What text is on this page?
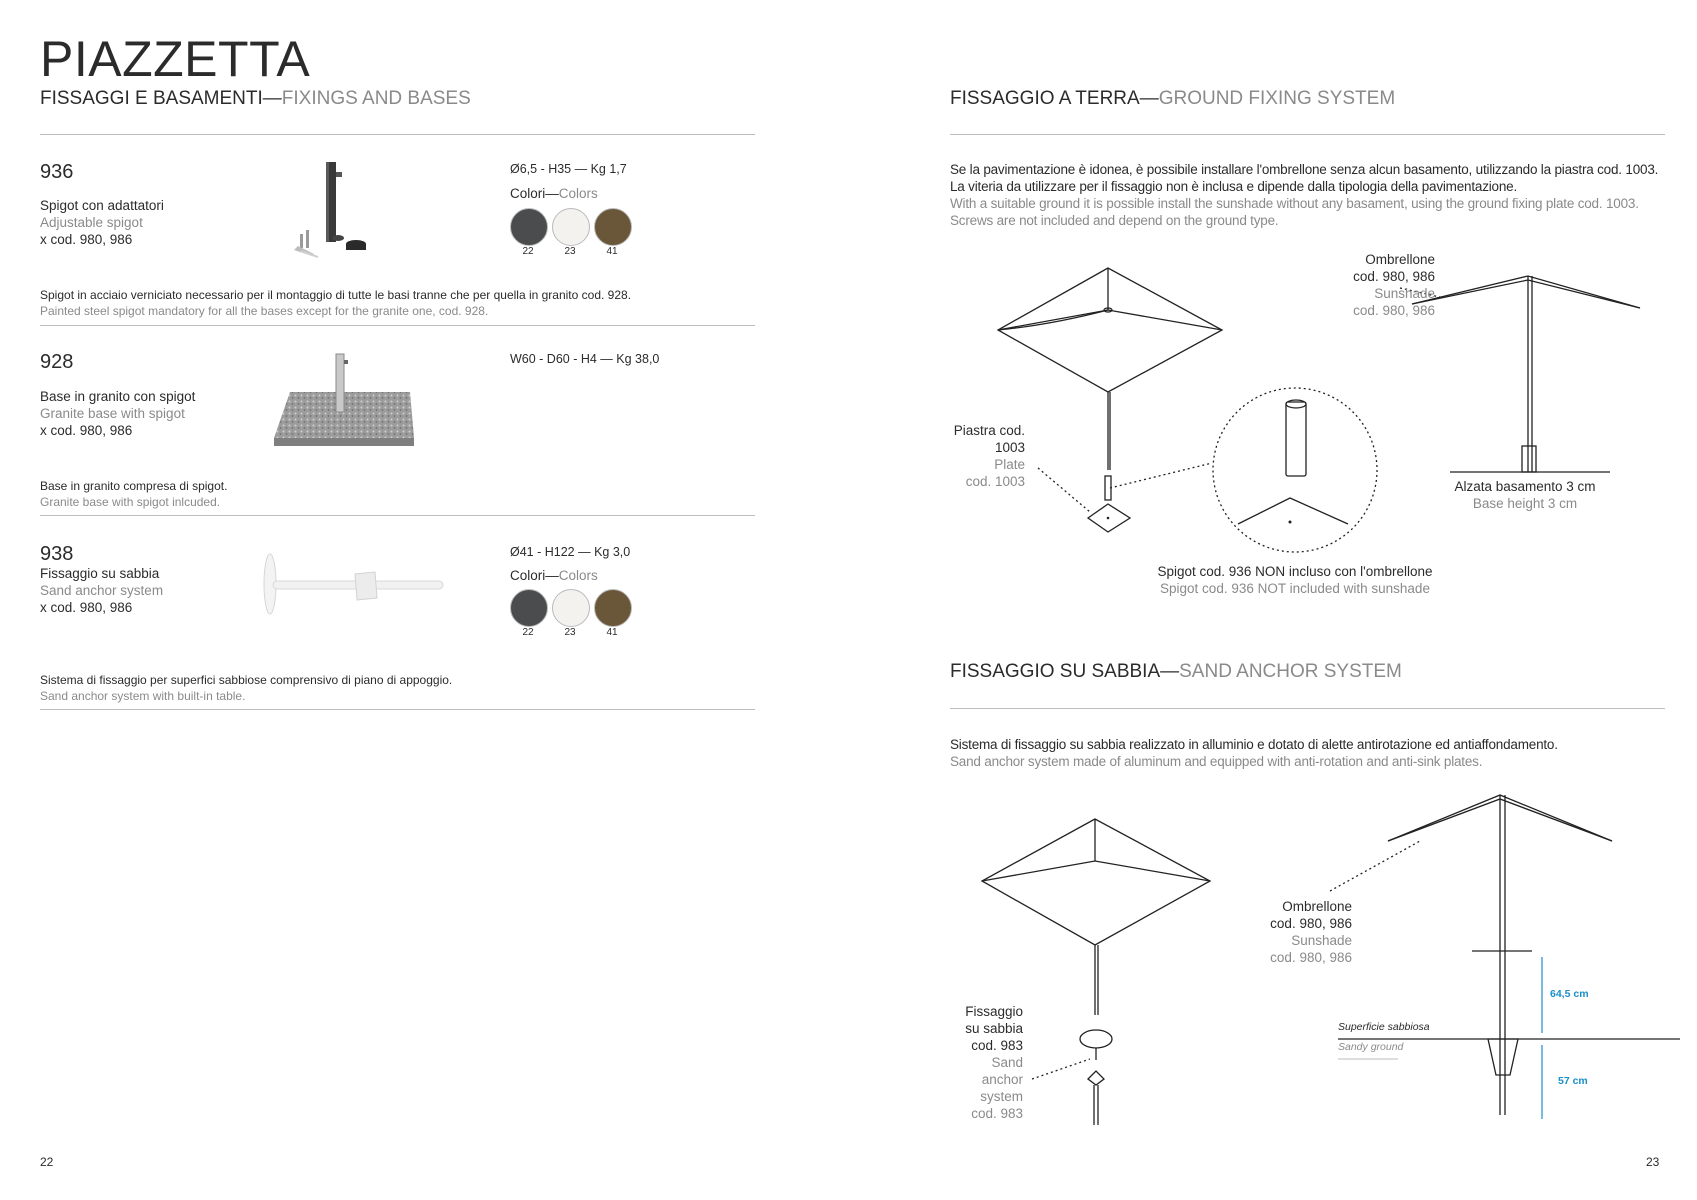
PIAZZETTA
FISSAGGI E BASAMENTI—FIXINGS AND BASES
936
Spigot con adattatori
Adjustable spigot
x cod. 980, 986
Ø6,5 - H35 — Kg 1,7
Colori—Colors
22	23	41
Spigot in acciaio verniciato necessario per il montaggio di tutte le basi tranne che per quella in granito cod. 928.
Painted steel spigot mandatory for all the bases except for the granite one, cod. 928.
928
Base in granito con spigot
Granite base with spigot
x cod. 980, 986
W60 - D60 - H4 — Kg 38,0
Base in granito compresa di spigot.
Granite base with spigot inlcuded.
938
Fissaggio su sabbia
Sand anchor system
x cod. 980, 986
Ø41 - H122 — Kg 3,0
Colori—Colors
22	23	41
Sistema di fissaggio per superfici sabbiose comprensivo di piano di appoggio.
Sand anchor system with built-in table.
22
FISSAGGIO A TERRA—GROUND FIXING SYSTEM
Se la pavimentazione è idonea, è possibile installare l'ombrellone senza alcun basamento, utilizzando la piastra cod. 1003.
La viteria da utilizzare per il fissaggio non è inclusa e dipende dalla tipologia della pavimentazione.
With a suitable ground it is possible install the sunshade without any basament, using the ground fixing plate cod. 1003.
Screws are not included and depend on the ground type.
Ombrellone
cod. 980, 986
Sunshade
cod. 980, 986
Piastra cod.
1003
Plate
cod. 1003	Alzata basamento 3 cm
Base height 3 cm
Spigot cod. 936 NON incluso con l'ombrellone
Spigot cod. 936 NOT included with sunshade
FISSAGGIO SU SABBIA—SAND ANCHOR SYSTEM
Sistema di fissaggio su sabbia realizzato in alluminio e dotato di alette antirotazione ed antiaffondamento.
Sand anchor system made of aluminum and equipped with anti-rotation and anti-sink plates.
Fissaggio
su sabbia
cod. 983
Sand
anchor
system
cod. 983
Ombrellone
cod. 980, 986
Sunshade
cod. 980, 986
Superficie sabbiosa
Sandy ground
64,5 cm
57 cm
23
